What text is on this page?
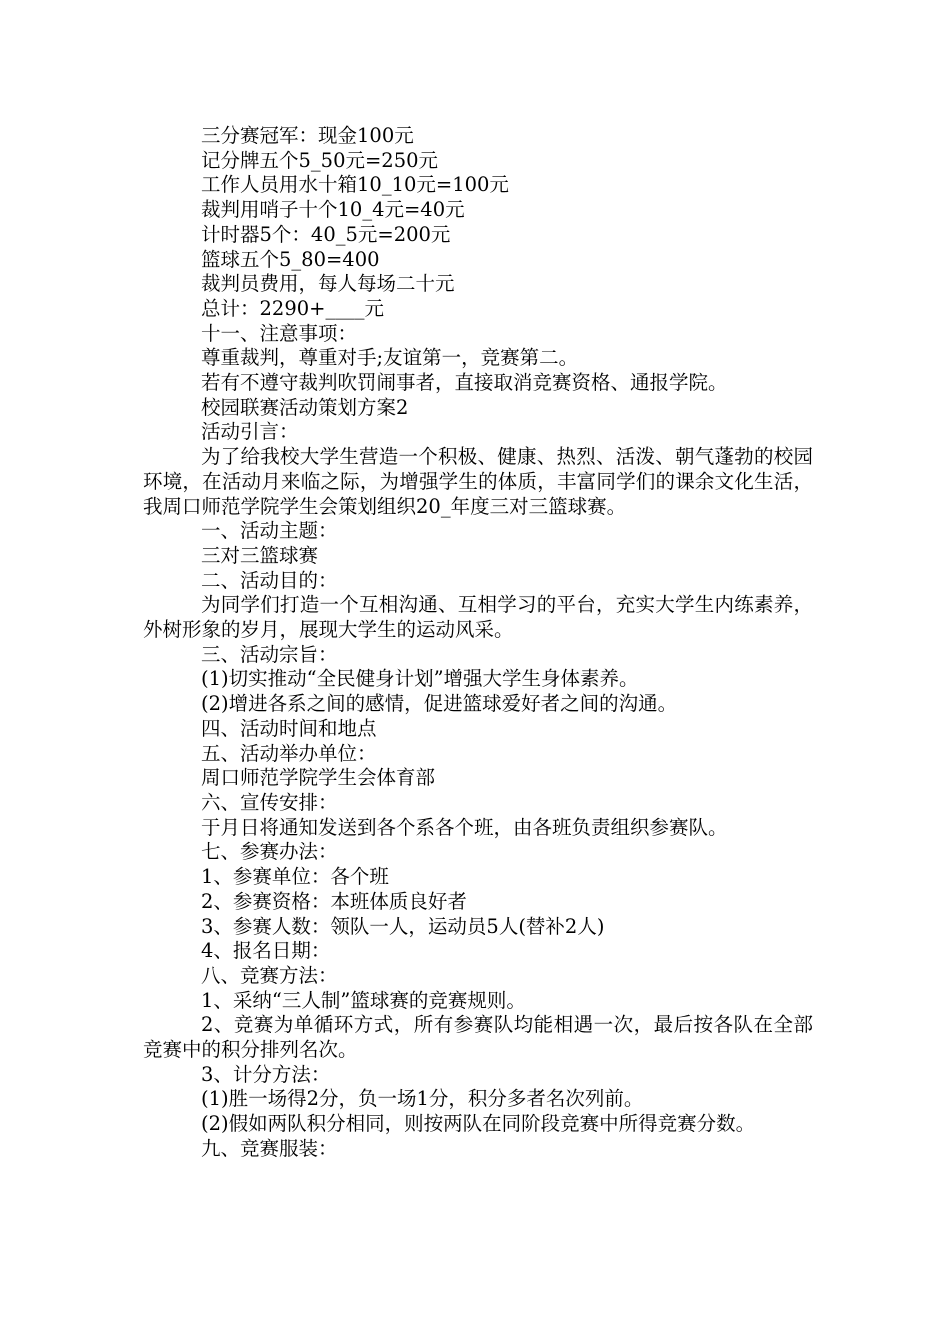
三分赛冠军：现金100元

记分牌五个5_50元=250元

工作人员用水十箱10_10元=100元

裁判用哨子十个10_4元=40元

计时器5个：40_5元=200元

篮球五个5_80=400

裁判员费用，每人每场二十元

总计：2290+____元

十一、注意事项：

尊重裁判，尊重对手;友谊第一，竞赛第二。

若有不遵守裁判吹罚闹事者，直接取消竞赛资格、通报学院。

校园联赛活动策划方案2

活动引言：

为了给我校大学生营造一个积极、健康、热烈、活泼、朝气蓬勃的校园环境，在活动月来临之际，为增强学生的体质，丰富同学们的课余文化生活，我周口师范学院学生会策划组织20_年度三对三篮球赛。

一、活动主题：

三对三篮球赛

二、活动目的：

为同学们打造一个互相沟通、互相学习的平台，充实大学生内练素养，外树形象的岁月，展现大学生的运动风采。

三、活动宗旨：

(1)切实推动“全民健身计划”增强大学生身体素养。

(2)增进各系之间的感情，促进篮球爱好者之间的沟通。

四、活动时间和地点

五、活动举办单位：

周口师范学院学生会体育部

六、宣传安排：

于月日将通知发送到各个系各个班，由各班负责组织参赛队。

七、参赛办法：

1、参赛单位：各个班

2、参赛资格：本班体质良好者

3、参赛人数：领队一人，运动员5人(替补2人)

4、报名日期：

八、竞赛方法：

1、采纳“三人制”篮球赛的竞赛规则。

2、竞赛为单循环方式，所有参赛队均能相遇一次，最后按各队在全部竞赛中的积分排列名次。

3、计分方法：

(1)胜一场得2分，负一场1分，积分多者名次列前。

(2)假如两队积分相同，则按两队在同阶段竞赛中所得竞赛分数。

九、竞赛服装：
